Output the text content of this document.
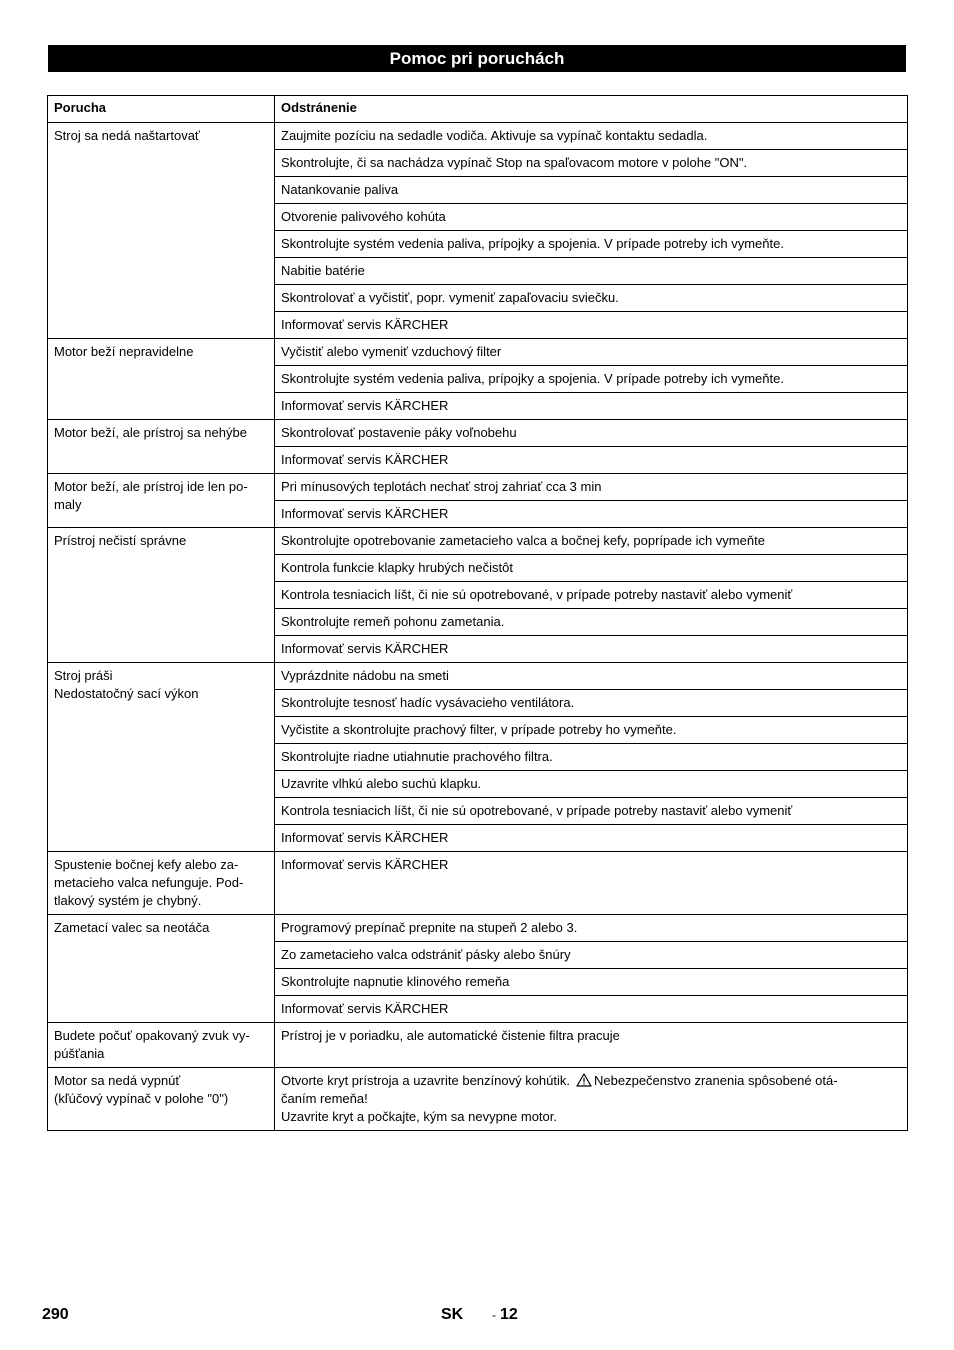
Pomoc pri poruchách
Porucha	Odstránenie
Stroj sa nedá naštartovať	Zaujmite pozíciu na sedadle vodiča. Aktivuje sa vypínač kontaktu sedadla.
	Skontrolujte, či sa nachádza vypínač Stop na spaľovacom motore v polohe "ON".
	Natankovanie paliva
	Otvorenie palivového kohúta
	Skontrolujte systém vedenia paliva, prípojky a spojenia. V prípade potreby ich vymeňte.
	Nabitie batérie
	Skontrolovať a vyčistiť, popr. vymeniť zapaľovaciu sviečku.
	Informovať servis KÄRCHER
Motor beží nepravidelne	Vyčistiť alebo vymeniť vzduchový filter
	Skontrolujte systém vedenia paliva, prípojky a spojenia. V prípade potreby ich vymeňte.
	Informovať servis KÄRCHER
Motor beží, ale prístroj sa nehýbe	Skontrolovať postavenie páky voľnobehu
	Informovať servis KÄRCHER
Motor beží, ale prístroj ide len po-
maly	Pri mínusových teplotách nechať stroj zahriať cca 3 min
	Informovať servis KÄRCHER
Prístroj nečistí správne	Skontrolujte opotrebovanie zametacieho valca a bočnej kefy, poprípade ich vymeňte
	Kontrola funkcie klapky hrubých nečistôt
	Kontrola tesniacich líšt, či nie sú opotrebované, v prípade potreby nastaviť alebo vymeniť
	Skontrolujte remeň pohonu zametania.
	Informovať servis KÄRCHER
Stroj práši
Nedostatočný sací výkon	Vyprázdnite nádobu na smeti
	Skontrolujte tesnosť hadíc vysávacieho ventilátora.
	Vyčistite a skontrolujte prachový filter, v prípade potreby ho vymeňte.
	Skontrolujte riadne utiahnutie prachového filtra.
	Uzavrite vlhkú alebo suchú klapku.
	Kontrola tesniacich líšt, či nie sú opotrebované, v prípade potreby nastaviť alebo vymeniť
	Informovať servis KÄRCHER
Spustenie bočnej kefy alebo za-
metacieho valca nefunguje. Pod-
tlakový systém je chybný.	Informovať servis KÄRCHER
Zametací valec sa neotáča	Programový prepínač prepnite na stupeň 2 alebo 3.
	Zo zametacieho valca odstrániť pásky alebo šnúry
	Skontrolujte napnutie klinového remeňa
	Informovať servis KÄRCHER
Budete počuť opakovaný zvuk vy-
púšťania	Prístroj je v poriadku, ale automatické čistenie filtra pracuje
Motor sa nedá vypnúť
(kľúčový vypínač v polohe "0")	Otvorte kryt prístroja a uzavrite benzínový kohútik. Nebezpečenstvo zranenia spôsobené otá-
čaním remeňa!
Uzavrite kryt a počkajte, kým sa nevypne motor.
290	SK - 12
